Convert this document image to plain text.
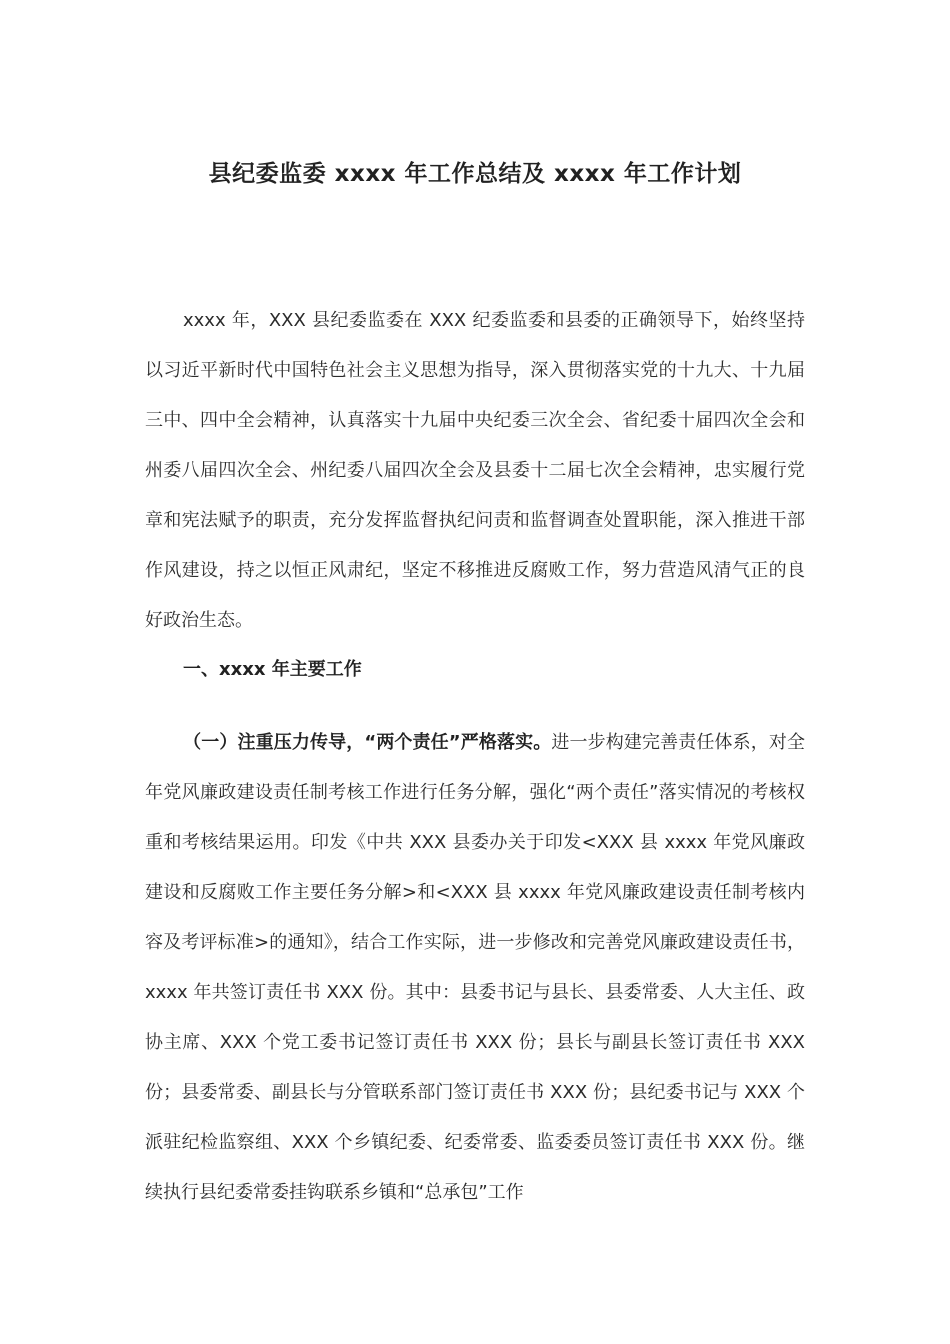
县纪委监委 xxxx 年工作总结及 xxxx 年工作计划
xxxx 年，XXX 县纪委监委在 XXX 纪委监委和县委的正确领导下，始终坚持以习近平新时代中国特色社会主义思想为指导，深入贯彻落实党的十九大、十九届三中、四中全会精神，认真落实十九届中央纪委三次全会、省纪委十届四次全会和州委八届四次全会、州纪委八届四次全会及县委十二届七次全会精神，忠实履行党章和宪法赋予的职责，充分发挥监督执纪问责和监督调查处置职能，深入推进干部作风建设，持之以恒正风肃纪，坚定不移推进反腐败工作，努力营造风清气正的良好政治生态。
一、xxxx 年主要工作
（一）注重压力传导，“两个责任”严格落实。进一步构建完善责任体系，对全年党风廉政建设责任制考核工作进行任务分解，强化“两个责任”落实情况的考核权重和考核结果运用。印发《中共 XXX 县委办关于印发<XXX 县 xxxx 年党风廉政建设和反腐败工作主要任务分解>和<XXX 县 xxxx 年党风廉政建设责任制考核内容及考评标准>的通知》，结合工作实际，进一步修改和完善党风廉政建设责任书，xxxx 年共签订责任书 XXX 份。其中：县委书记与县长、县委常委、人大主任、政协主席、XXX 个党工委书记签订责任书 XXX 份；县长与副县长签订责任书 XXX 份；县委常委、副县长与分管联系部门签订责任书 XXX 份；县纪委书记与 XXX 个派驻纪检监察组、XXX 个乡镇纪委、纪委常委、监委委员签订责任书 XXX 份。继续执行县纪委常委挂钩联系乡镇和“总承包”工作
